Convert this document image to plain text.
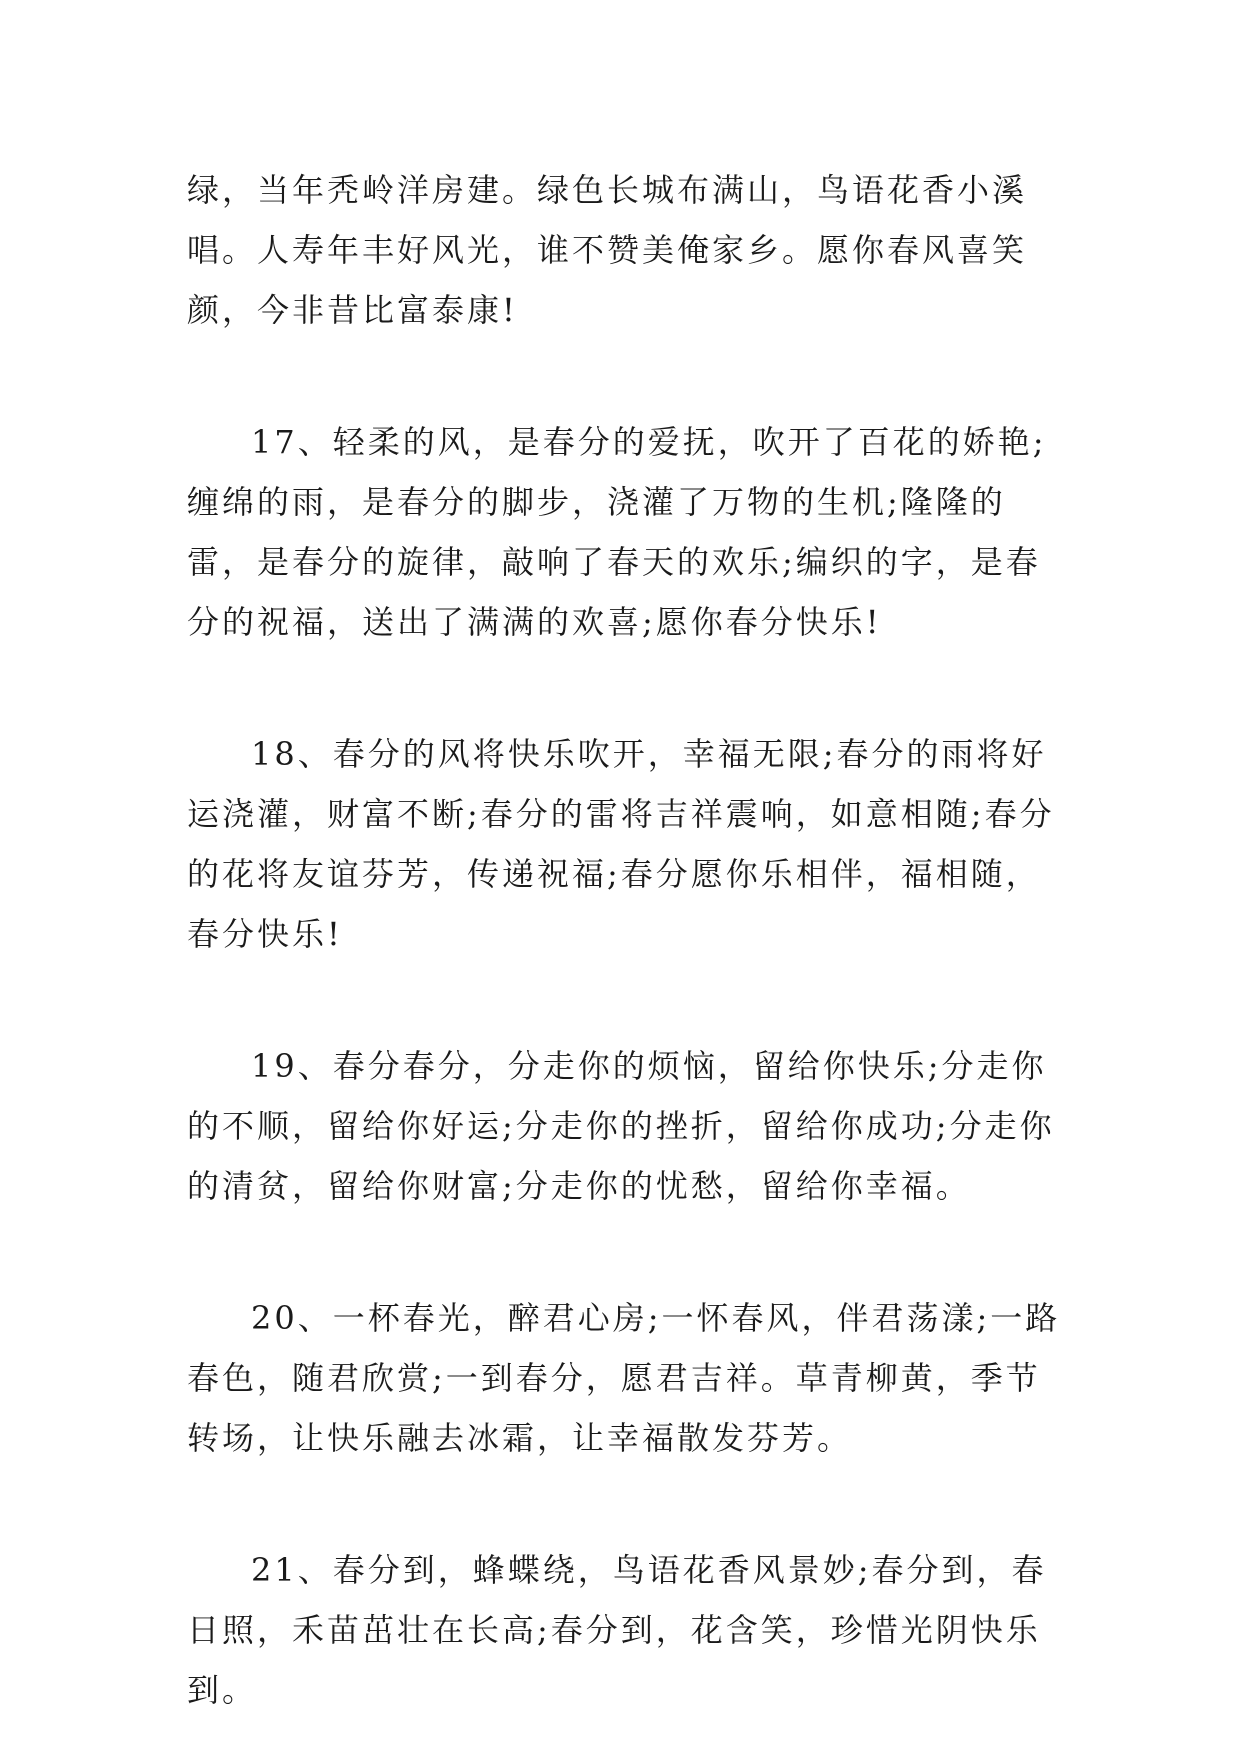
绿，当年秃岭洋房建。绿色长城布满山，鸟语花香小溪唱。人寿年丰好风光，谁不赞美俺家乡。愿你春风喜笑颜，今非昔比富泰康!

17、轻柔的风，是春分的爱抚，吹开了百花的娇艳;缠绵的雨，是春分的脚步，浇灌了万物的生机;隆隆的雷，是春分的旋律，敲响了春天的欢乐;编织的字，是春分的祝福，送出了满满的欢喜;愿你春分快乐!

18、春分的风将快乐吹开，幸福无限;春分的雨将好运浇灌，财富不断;春分的雷将吉祥震响，如意相随;春分的花将友谊芬芳，传递祝福;春分愿你乐相伴，福相随，春分快乐!

19、春分春分，分走你的烦恼，留给你快乐;分走你的不顺，留给你好运;分走你的挫折，留给你成功;分走你的清贫，留给你财富;分走你的忧愁，留给你幸福。

20、一杯春光，醉君心房;一怀春风，伴君荡漾;一路春色，随君欣赏;一到春分，愿君吉祥。草青柳黄，季节转场，让快乐融去冰霜，让幸福散发芬芳。

21、春分到，蜂蝶绕，鸟语花香风景妙;春分到，春日照，禾苗茁壮在长高;春分到，花含笑，珍惜光阴快乐到。
